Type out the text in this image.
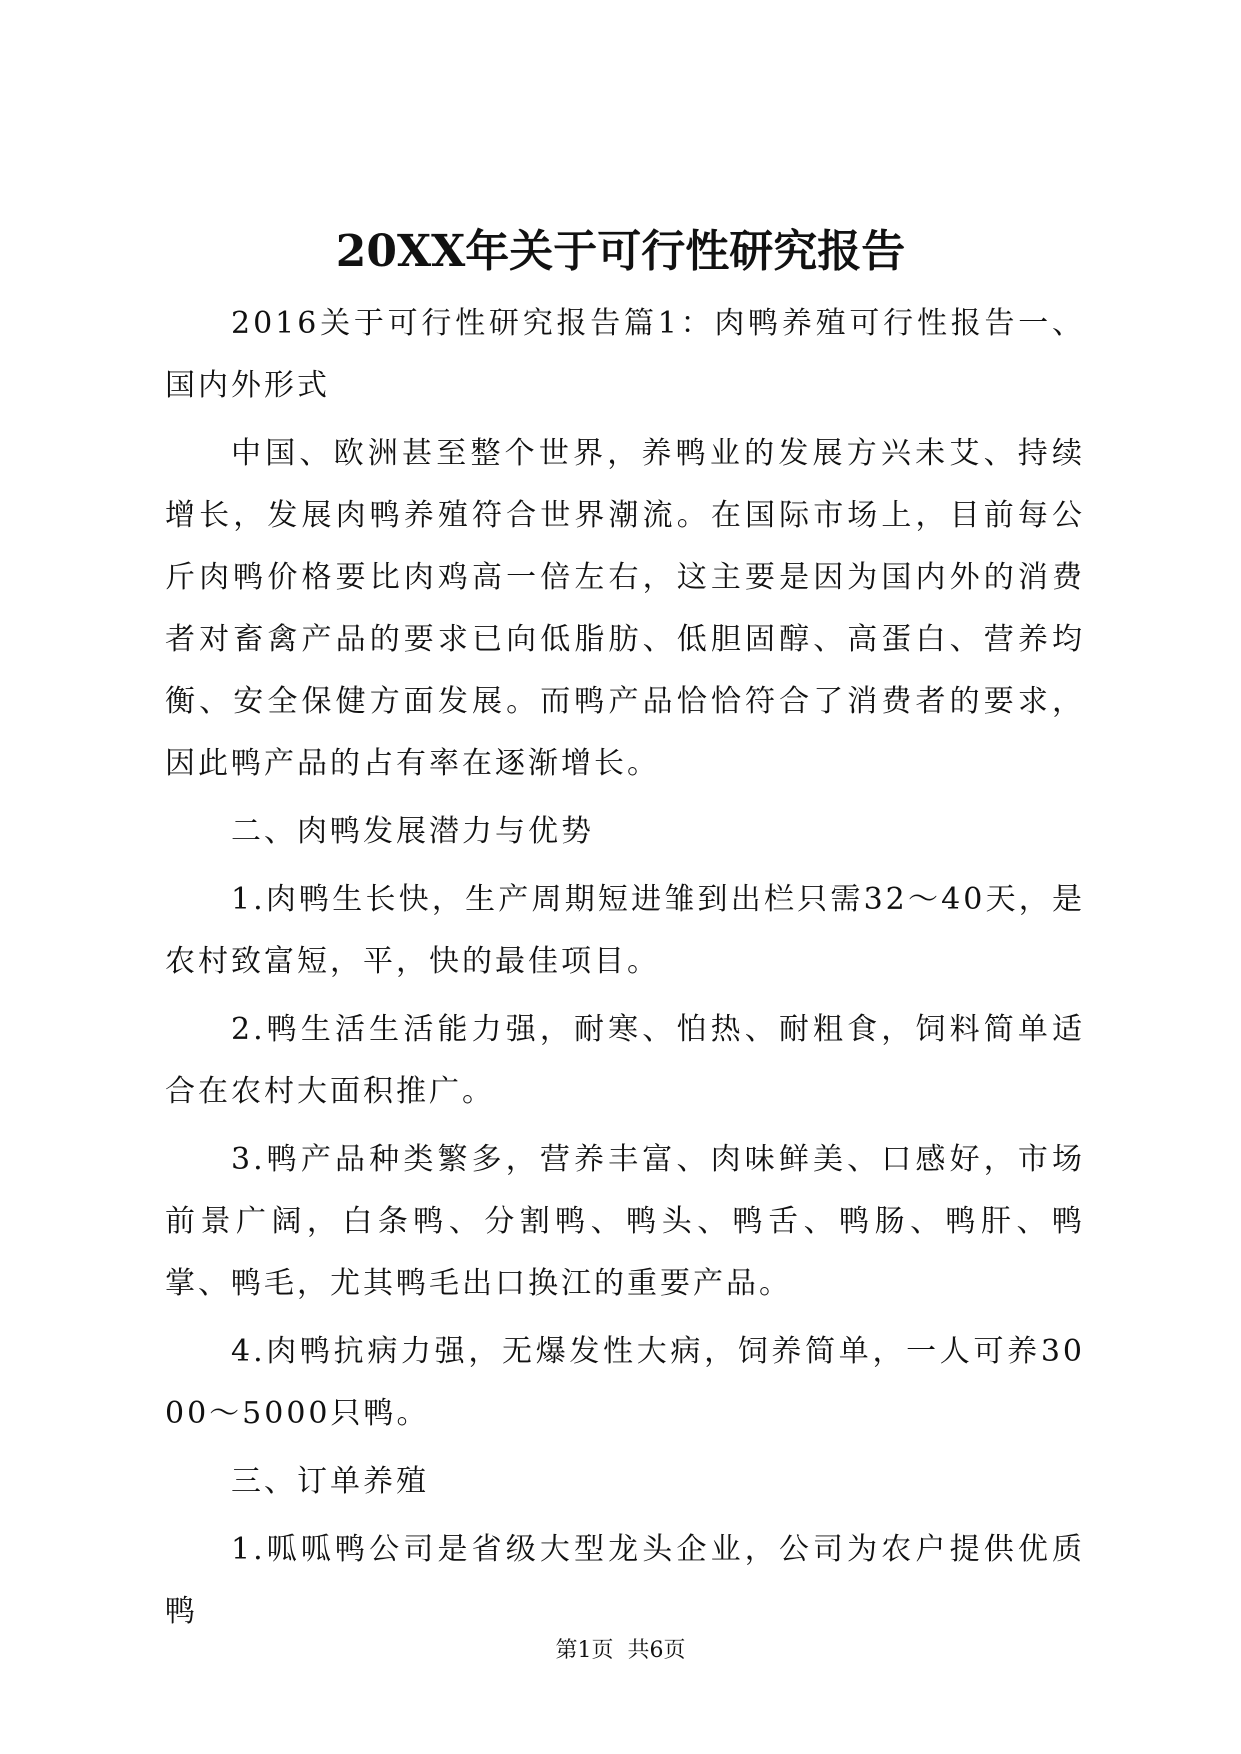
20XX年关于可行性研究报告

2016关于可行性研究报告篇1：肉鸭养殖可行性报告一、国内外形式

中国、欧洲甚至整个世界，养鸭业的发展方兴未艾、持续增长，发展肉鸭养殖符合世界潮流。在国际市场上，目前每公斤肉鸭价格要比肉鸡高一倍左右，这主要是因为国内外的消费者对畜禽产品的要求已向低脂肪、低胆固醇、高蛋白、营养均衡、安全保健方面发展。而鸭产品恰恰符合了消费者的要求，因此鸭产品的占有率在逐渐增长。

二、肉鸭发展潜力与优势

1.肉鸭生长快，生产周期短进雏到出栏只需32～40天，是农村致富短，平，快的最佳项目。

2.鸭生活生活能力强，耐寒、怕热、耐粗食，饲料简单适合在农村大面积推广。

3.鸭产品种类繁多，营养丰富、肉味鲜美、口感好，市场前景广阔，白条鸭、分割鸭、鸭头、鸭舌、鸭肠、鸭肝、鸭掌、鸭毛，尤其鸭毛出口换江的重要产品。

4.肉鸭抗病力强，无爆发性大病，饲养简单，一人可养3000～5000只鸭。

三、订单养殖

1.呱呱鸭公司是省级大型龙头企业，公司为农户提供优质鸭

第1页 共6页
